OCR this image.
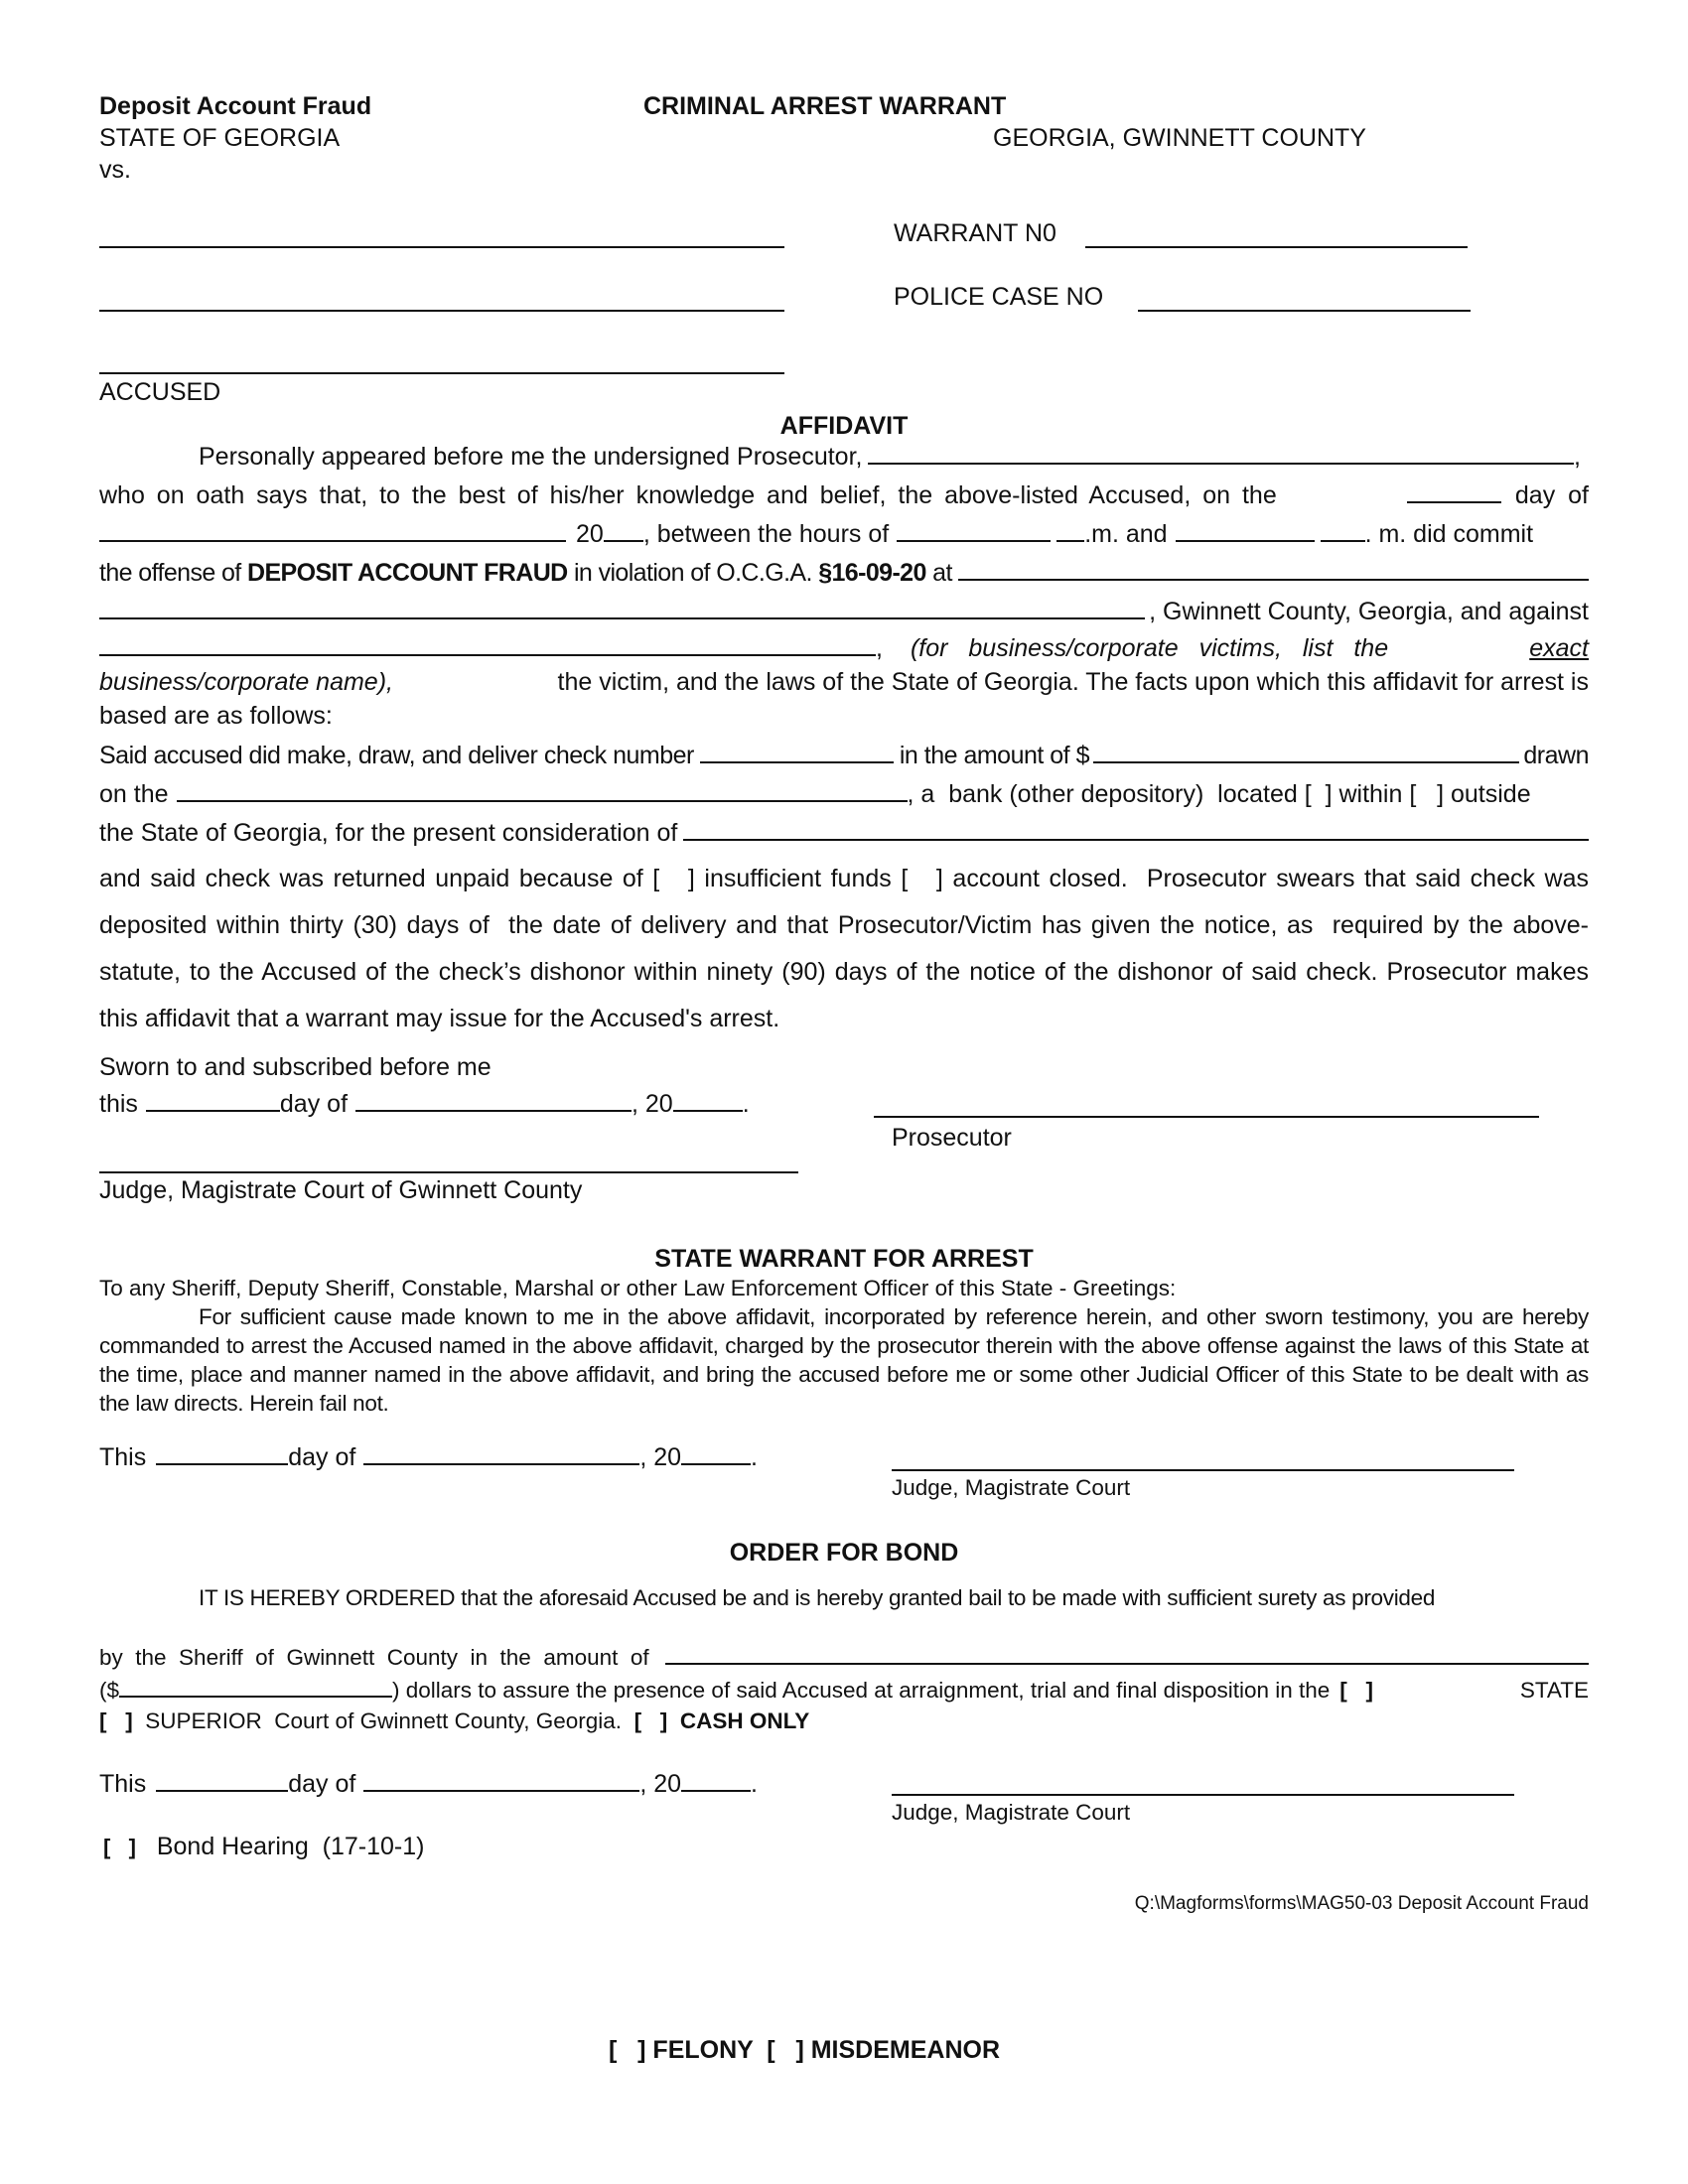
Deposit Account Fraud	CRIMINAL ARREST WARRANT
STATE OF GEORGIA	GEORGIA, GWINNETT COUNTY
vs.
ACCUSED
WARRANT N0
POLICE CASE NO
AFFIDAVIT
Personally appeared before me the undersigned Prosecutor,	,
who on oath says that, to the best of his/her knowledge and belief, the above-listed Accused, on the	day of
20 , between the hours of	.m. and	. m. did commit
the offense of
DEPOSIT ACCOUNT FRAUD
in violation of O.C.G.A.
§16-09-20
at
, Gwinnett County, Georgia, and against
, (for business/corporate victims, list the	exact
business/corporate name),	the victim, and the laws of the State of Georgia. The facts upon which this affidavit for arrest is
based are as follows:
Said accused did make, draw, and deliver check number	in the amount of $	drawn
on the	, a  bank (other depository)  located [  ] within [   ] outside
the State of Georgia, for the present consideration of
and said check was returned unpaid because of [   ] insufficient funds [   ] account closed.  Prosecutor swears that said check was deposited within thirty (30) days of  the date of delivery and that Prosecutor/Victim has given the notice, as  required by the above-statute, to the Accused of the check’s dishonor within ninety (90) days of the notice of the dishonor of said check. Prosecutor makes this affidavit that a warrant may issue for the Accused's arrest.
Sworn to and subscribed before me
this	day of	, 20	.
Prosecutor
Judge, Magistrate Court of Gwinnett County
STATE WARRANT FOR ARREST
To any Sheriff, Deputy Sheriff, Constable, Marshal or other Law Enforcement Officer of this State - Greetings:
For sufficient cause made known to me in the above affidavit, incorporated by reference herein, and other sworn testimony, you are hereby commanded to arrest the Accused named in the above affidavit, charged by the prosecutor therein with the above offense against the laws of this State at the time, place and manner named in the above affidavit, and bring the accused before me or some other Judicial Officer of this State to be dealt with as the law directs. Herein fail not.
This	day of	, 20	.
Judge, Magistrate Court
ORDER FOR BOND
IT IS HEREBY ORDERED that the aforesaid Accused be and is hereby granted bail to be made with sufficient surety as provided
by  the  Sheriff  of  Gwinnett  County  in  the  amount  of
($	) dollars to assure the presence of said Accused at arraignment, trial and final disposition in the [   ]	STATE
[   ] SUPERIOR  Court of Gwinnett County, Georgia. [   ] CASH ONLY
This	day of	, 20	.
Judge, Magistrate Court
[   ] Bond Hearing  (17-10-1)
Q:\Magforms\forms\MAG50-03 Deposit Account Fraud
[   ] FELONY [   ] MISDEMEANOR
